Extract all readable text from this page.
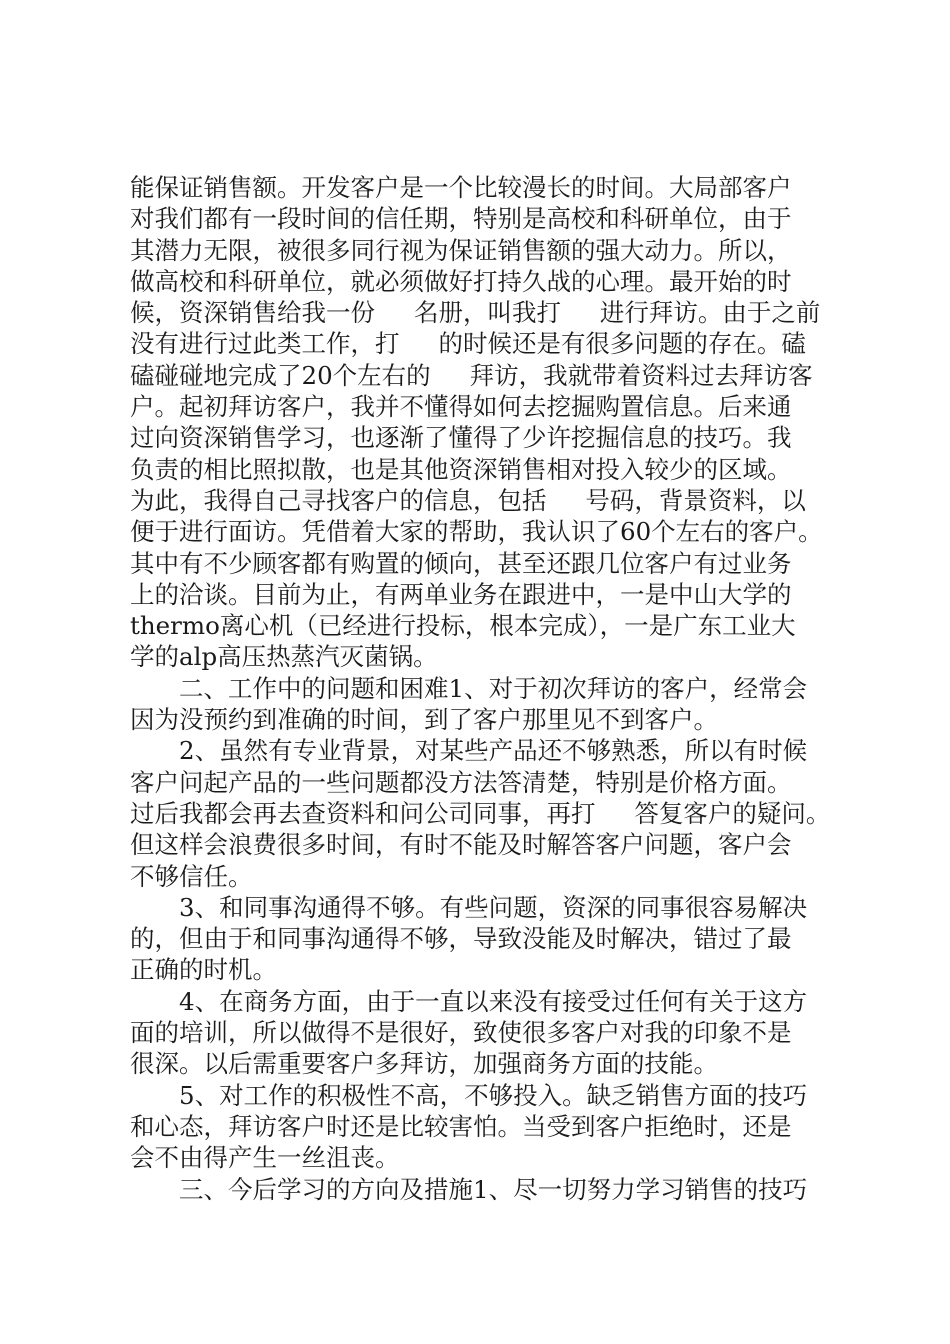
能保证销售额。开发客户是一个比较漫长的时间。大局部客户
对我们都有一段时间的信任期，特别是高校和科研单位，由于
其潜力无限，被很多同行视为保证销售额的强大动力。所以，
做高校和科研单位，就必须做好打持久战的心理。最开始的时
候，资深销售给我一份     名册，叫我打     进行拜访。由于之前
没有进行过此类工作，打     的时候还是有很多问题的存在。磕
磕碰碰地完成了20个左右的     拜访，我就带着资料过去拜访客
户。起初拜访客户，我并不懂得如何去挖掘购置信息。后来通
过向资深销售学习，也逐渐了懂得了少许挖掘信息的技巧。我
负责的相比照拟散，也是其他资深销售相对投入较少的区域。
为此，我得自己寻找客户的信息，包括     号码，背景资料，以
便于进行面访。凭借着大家的帮助，我认识了60个左右的客户。
其中有不少顾客都有购置的倾向，甚至还跟几位客户有过业务
上的洽谈。目前为止，有两单业务在跟进中，一是中山大学的
thermo离心机（已经进行投标，根本完成），一是广东工业大
学的alp高压热蒸汽灭菌锅。
二、工作中的问题和困难1、对于初次拜访的客户，经常会
因为没预约到准确的时间，到了客户那里见不到客户。
2、虽然有专业背景，对某些产品还不够熟悉，所以有时候
客户问起产品的一些问题都没方法答清楚，特别是价格方面。
过后我都会再去查资料和问公司同事，再打     答复客户的疑问。
但这样会浪费很多时间，有时不能及时解答客户问题，客户会
不够信任。
3、和同事沟通得不够。有些问题，资深的同事很容易解决
的，但由于和同事沟通得不够，导致没能及时解决，错过了最
正确的时机。
4、在商务方面，由于一直以来没有接受过任何有关于这方
面的培训，所以做得不是很好，致使很多客户对我的印象不是
很深。以后需重要客户多拜访，加强商务方面的技能。
5、对工作的积极性不高，不够投入。缺乏销售方面的技巧
和心态，拜访客户时还是比较害怕。当受到客户拒绝时，还是
会不由得产生一丝沮丧。
三、今后学习的方向及措施1、尽一切努力学习销售的技巧
